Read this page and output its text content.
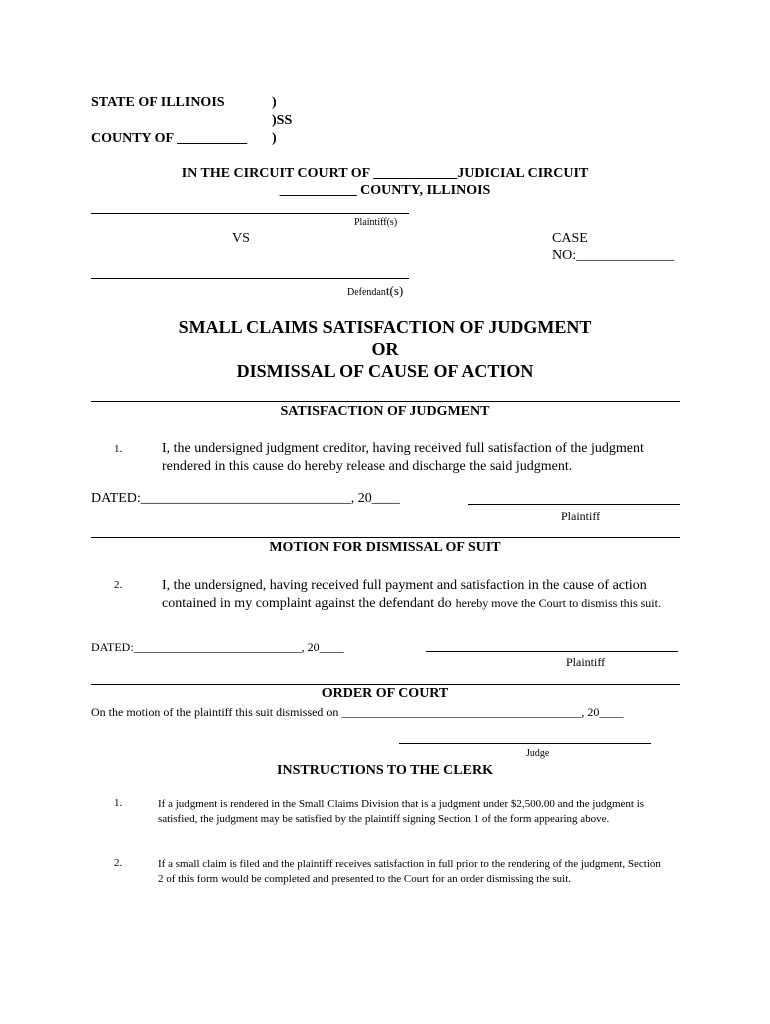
STATE OF ILLINOIS	)
)SS
COUNTY OF __________ )
IN THE CIRCUIT COURT OF ____________JUDICIAL CIRCUIT
___________ COUNTY, ILLINOIS
Plaintiff(s)
VS	CASE
NO:______________
Defendant(s)
SMALL CLAIMS SATISFACTION OF JUDGMENT
OR
DISMISSAL OF CAUSE OF ACTION
SATISFACTION OF JUDGMENT
1.	I, the undersigned judgment creditor, having received full satisfaction of the judgment rendered in this cause do hereby release and discharge the said judgment.
DATED:______________________________, 20____
Plaintiff
MOTION FOR DISMISSAL OF SUIT
2.	I, the undersigned, having received full payment and satisfaction in the cause of action contained in my complaint against the defendant do hereby move the Court to dismiss this suit.
DATED:____________________________, 20____
Plaintiff
ORDER OF COURT
On the motion of the plaintiff this suit dismissed on ________________________________________, 20____
Judge
INSTRUCTIONS TO THE CLERK
1.	If a judgment is rendered in the Small Claims Division that is a judgment under $2,500.00 and the judgment is satisfied, the judgment may be satisfied by the plaintiff signing Section 1 of the form appearing above.
2.	If a small claim is filed and the plaintiff receives satisfaction in full prior to the rendering of the judgment, Section 2 of this form would be completed and presented to the Court for an order dismissing the suit.
